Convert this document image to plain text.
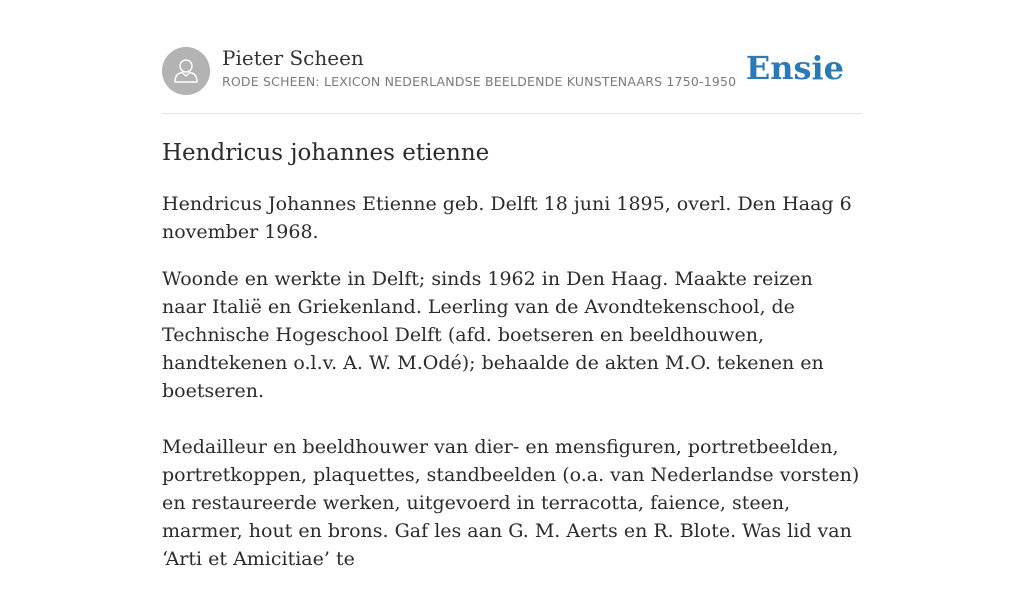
Pieter Scheen
RODE SCHEEN: LEXICON NEDERLANDSE BEELDENDE KUNSTENAARS 1750-1950 Ensie
Hendricus johannes etienne

Hendricus Johannes Etienne geb. Delft 18 juni 1895, overl. Den Haag 6 november 1968.

Woonde en werkte in Delft; sinds 1962 in Den Haag. Maakte reizen naar Italië en Griekenland. Leerling van de Avondtekenschool, de Technische Hogeschool Delft (afd. boetseren en beeldhouwen, handtekenen o.l.v. A. W. M.Odé); behaalde de akten M.O. tekenen en boetseren.

Medailleur en beeldhouwer van dier- en mensfiguren, portretbeelden, portretkoppen, plaquettes, standbeelden (o.a. van Nederlandse vorsten) en restaureerde werken, uitgevoerd in terracotta, faience, steen, marmer, hout en brons. Gaf les aan G. M. Aerts en R. Blote. Was lid van ‘Arti et Amicitiae’ te
